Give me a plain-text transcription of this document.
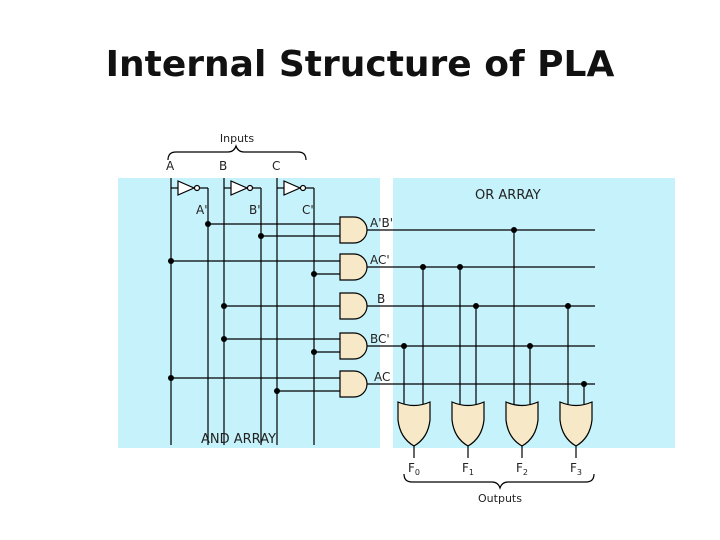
Internal Structure of PLA
Inputs
A	B	C
A'	B'	C'
A'B'
AC'
B
BC'
AC
$F_0$	$F_1$	$F_2$	$F_3$
Outputs
OR ARRAY
AND ARRAY
